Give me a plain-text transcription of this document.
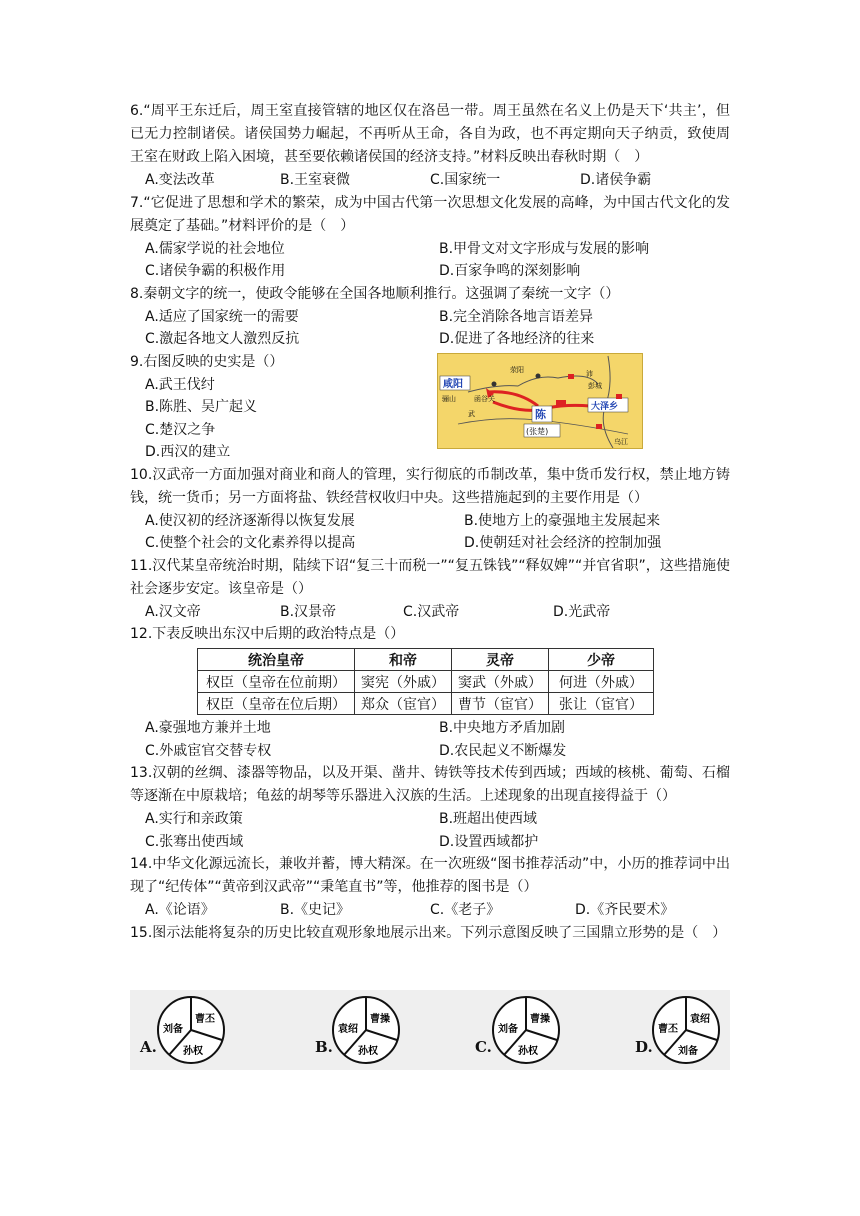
6.“周平王东迁后，周王室直接管辖的地区仅在洛邑一带。周王虽然在名义上仍是天下‘共主’，但已无力控制诸侯。诸侯国势力崛起，不再听从王命，各自为政，也不再定期向天子纳贡，致使周王室在财政上陷入困境，甚至要依赖诸侯国的经济支持。”材料反映出春秋时期（　）

A.变法改革	B.王室衰微	C.国家统一	D.诸侯争霸

7.“它促进了思想和学术的繁荣，成为中国古代第一次思想文化发展的高峰，为中国古代文化的发展奠定了基础。”材料评价的是（　）

A.儒家学说的社会地位	B.甲骨文对文字形成与发展的影响
C.诸侯争霸的积极作用	D.百家争鸣的深刻影响

8.秦朝文字的统一，使政令能够在全国各地顺利推行。这强调了秦统一文字（）

A.适应了国家统一的需要	B.完全消除各地言语差异
C.激起各地文人激烈反抗	D.促进了各地经济的往来

9.右图反映的史实是（）

A.武王伐纣
B.陈胜、吴广起义
C.楚汉之争
D.西汉的建立
咸阳
骊山	函谷关
武
荥阳
陈
(张楚)
大泽乡
沛
彭城
乌江

10.汉武帝一方面加强对商业和商人的管理，实行彻底的币制改革，集中货币发行权，禁止地方铸钱，统一货币；另一方面将盐、铁经营权收归中央。这些措施起到的主要作用是（）

A.使汉初的经济逐渐得以恢复发展	B.使地方上的豪强地主发展起来
C.使整个社会的文化素养得以提高	D.使朝廷对社会经济的控制加强

11.汉代某皇帝统治时期，陆续下诏“复三十而税一”“复五铢钱”“释奴婢”“并官省职”，这些措施使社会逐步安定。该皇帝是（）

A.汉文帝	B.汉景帝	C.汉武帝	D.光武帝

12.下表反映出东汉中后期的政治特点是（）

统治皇帝	和帝	灵帝	少帝
权臣（皇帝在位前期）	窦宪（外戚）	窦武（外戚）	何进（外戚）
权臣（皇帝在位后期）	郑众（宦官）	曹节（宦官）	张让（宦官）
A.豪强地方兼并土地	B.中央地方矛盾加剧
C.外戚宦官交替专权	D.农民起义不断爆发

13.汉朝的丝绸、漆器等物品，以及开渠、凿井、铸铁等技术传到西域；西域的核桃、葡萄、石榴等逐渐在中原栽培；龟兹的胡琴等乐器进入汉族的生活。上述现象的出现直接得益于（）

A.实行和亲政策	B.班超出使西域
C.张骞出使西域	D.设置西域都护

14.中华文化源远流长，兼收并蓄，博大精深。在一次班级“图书推荐活动”中，小历的推荐词中出现了“纪传体”“黄帝到汉武帝”“秉笔直书”等，他推荐的图书是（）

A.《论语》	B.《史记》	C.《老子》	D.《齐民要术》

15.图示法能将复杂的历史比较直观形象地展示出来。下列示意图反映了三国鼎立形势的是（　）

A.
曹丕
孙权
刘备
B.
曹操
孙权
袁绍
C.
曹操
孙权
刘备
D.
袁绍
刘备
曹丕
